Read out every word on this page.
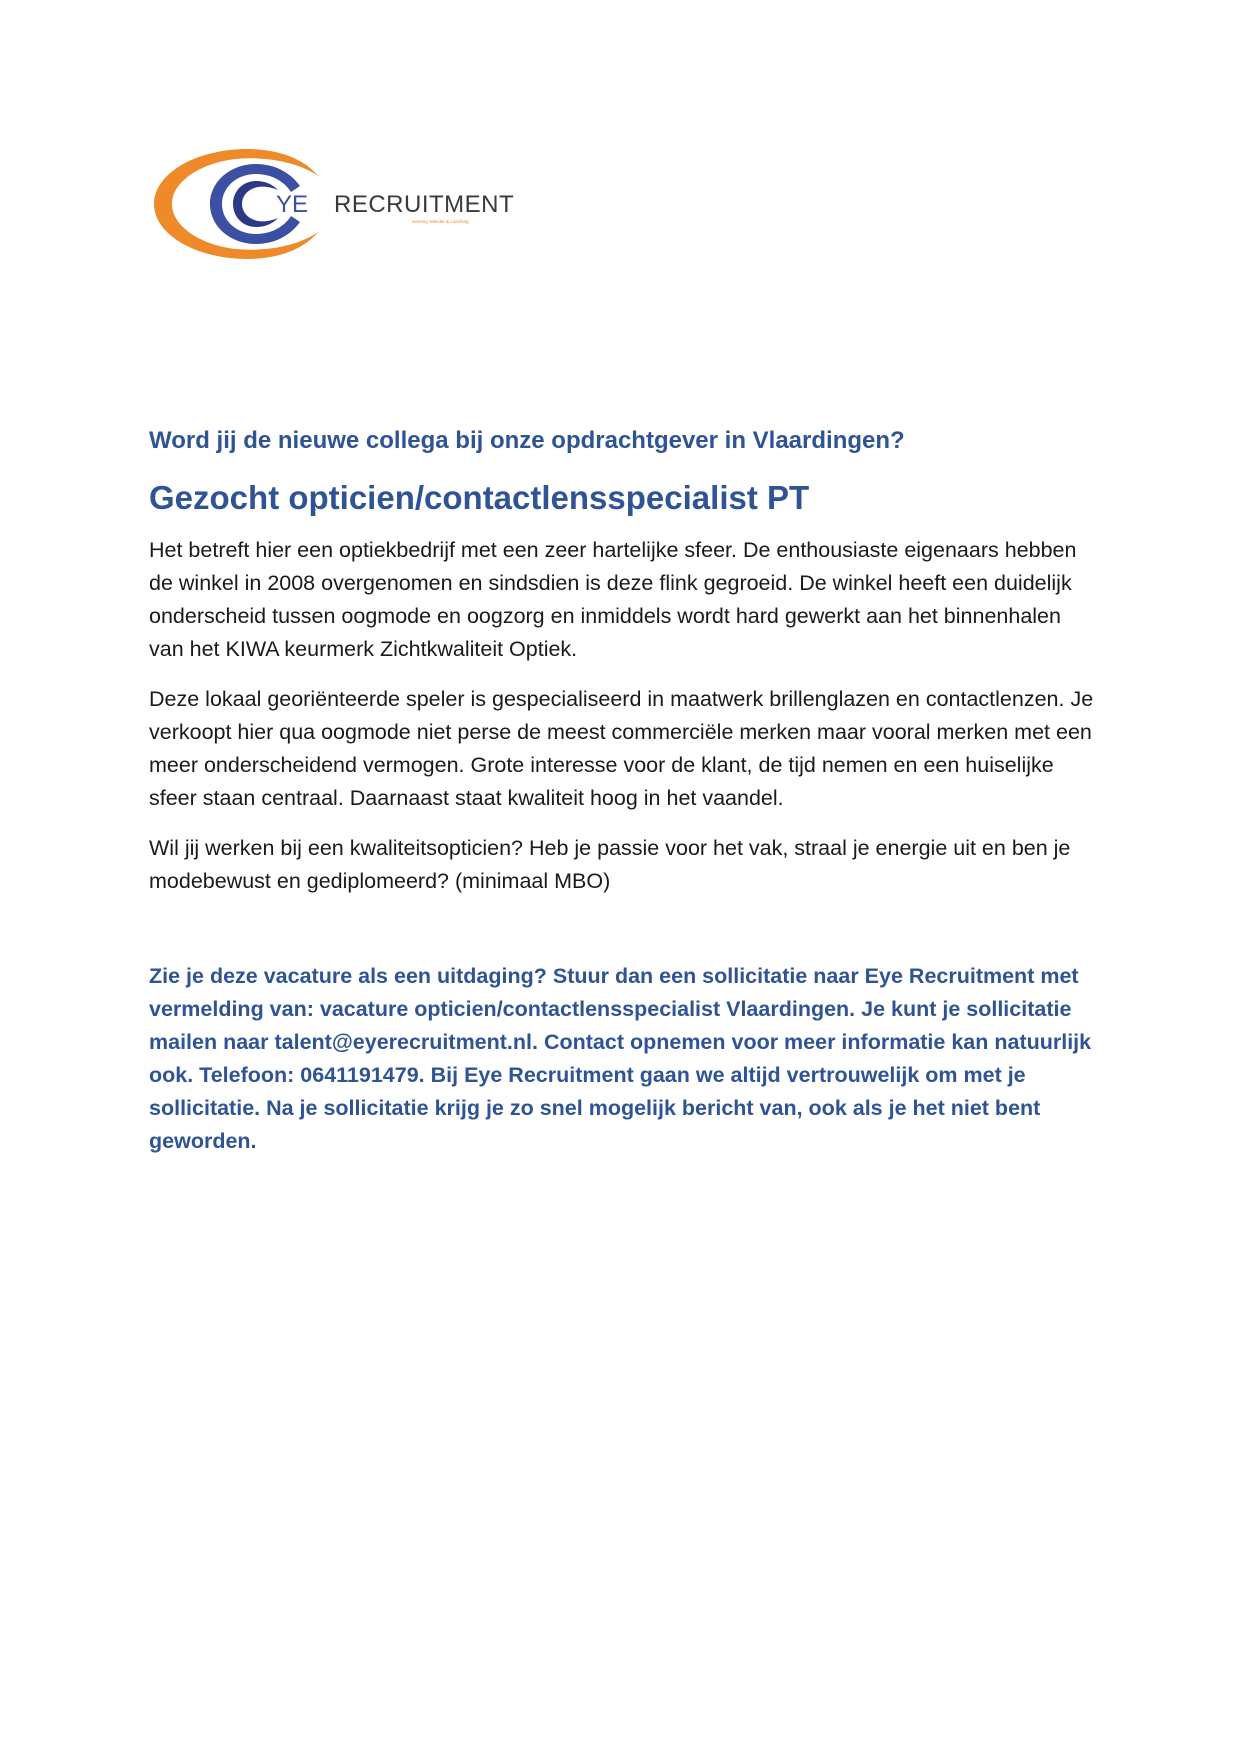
YE RECRUITMENT
werving selectie & coaching
Word jij de nieuwe collega bij onze opdrachtgever in Vlaardingen?
Gezocht opticien/contactlensspecialist PT

Het betreft hier een optiekbedrijf met een zeer hartelijke sfeer. De enthousiaste eigenaars hebben de winkel in 2008 overgenomen en sindsdien is deze flink gegroeid. De winkel heeft een duidelijk onderscheid tussen oogmode en oogzorg en inmiddels wordt hard gewerkt aan het binnenhalen van het KIWA keurmerk Zichtkwaliteit Optiek.

Deze lokaal georiënteerde speler is gespecialiseerd in maatwerk brillenglazen en contactlenzen. Je verkoopt hier qua oogmode niet perse de meest commerciële merken maar vooral merken met een meer onderscheidend vermogen. Grote interesse voor de klant, de tijd nemen en een huiselijke sfeer staan centraal. Daarnaast staat kwaliteit hoog in het vaandel.

Wil jij werken bij een kwaliteitsopticien? Heb je passie voor het vak, straal je energie uit en ben je modebewust en gediplomeerd? (minimaal MBO)

Zie je deze vacature als een uitdaging? Stuur dan een sollicitatie naar Eye Recruitment met vermelding van: vacature opticien/contactlensspecialist Vlaardingen. Je kunt je sollicitatie mailen naar talent@eyerecruitment.nl. Contact opnemen voor meer informatie kan natuurlijk ook. Telefoon: 0641191479. Bij Eye Recruitment gaan we altijd vertrouwelijk om met je sollicitatie. Na je sollicitatie krijg je zo snel mogelijk bericht van, ook als je het niet bent geworden.
